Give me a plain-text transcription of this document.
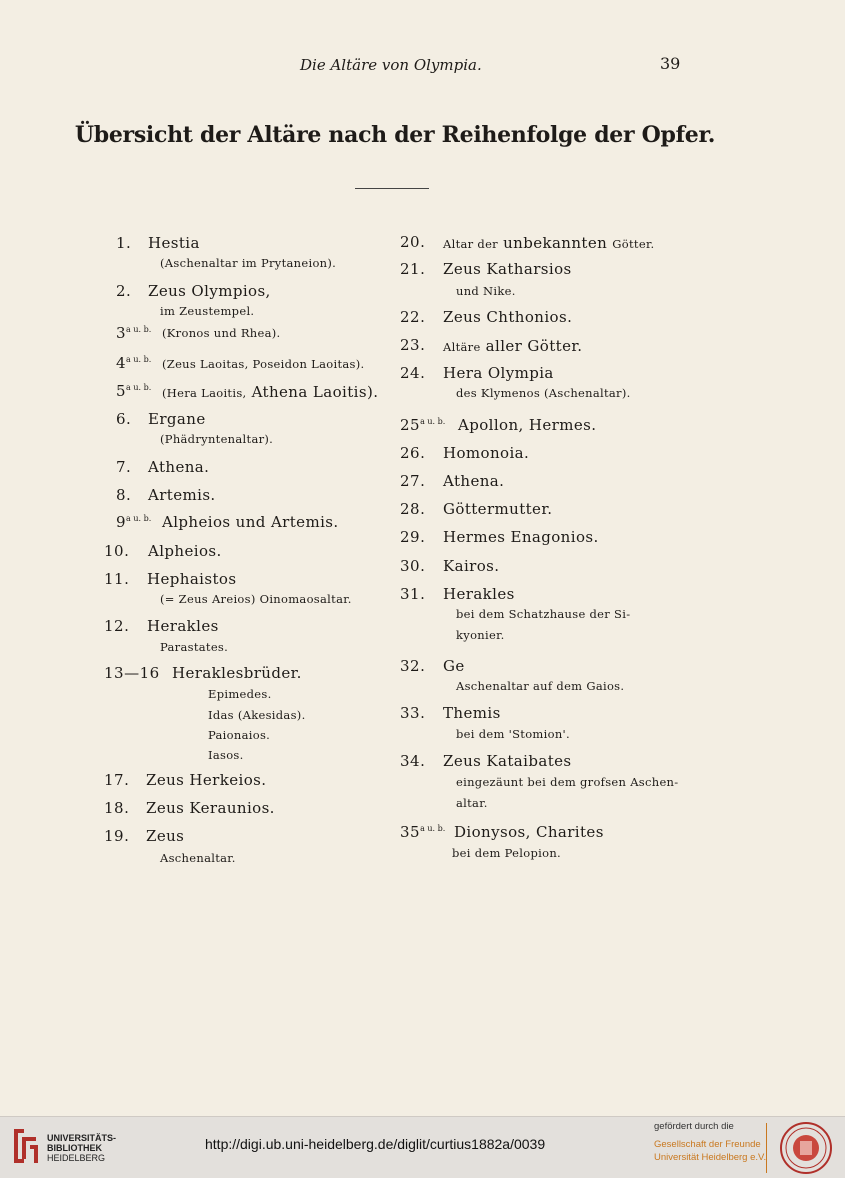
Die Altäre von Olympia.	39
Übersicht der Altäre nach der Reihenfolge der Opfer.
1. Hestia
(Aschenaltar im Prytaneion).
2. Zeus Olympios,
im Zeustempel.
$3^{a u. b.}$ (Kronos und Rhea).
$4^{a u. b.}$ (Zeus Laoitas, Poseidon Laoitas).
$5^{a u. b.}$ (Hera Laoitis, Athena Laoitis).
6. Ergane
(Phädryntenaltar).
7. Athena.
8. Artemis.
$9^{a u. b.}$ Alpheios und Artemis.
10. Alpheios.
11. Hephaistos
(= Zeus Areios) Oinomaosaltar.
12. Herakles
Parastates.
13—16 Heraklesbrüder.
Epimedes.
Idas (Akesidas).
Paionaios.
Iasos.
17. Zeus Herkeios.
18. Zeus Keraunios.
19. Zeus
Aschenaltar.
20. Altar der unbekannten Götter.
21. Zeus Katharsios
und Nike.
22. Zeus Chthonios.
23. Altäre aller Götter.
24. Hera Olympia
des Klymenos (Aschenaltar).
$25^{a u. b.}$ Apollon, Hermes.
26. Homonoia.
27. Athena.
28. Göttermutter.
29. Hermes Enagonios.
30. Kairos.
31. Herakles
bei dem Schatzhause der Si-
kyonier.
32. Ge
Aschenaltar auf dem Gaios.
33. Themis
bei dem 'Stomion'.
34. Zeus Kataibates
eingezäunt bei dem grofsen Aschen-
altar.
$35^{a u. b.}$ Dionysos, Charites
bei dem Pelopion.
UNIVERSITÄTS-
BIBLIOTHEK
HEIDELBERG
http://digi.ub.uni-heidelberg.de/diglit/curtius1882a/0039
gefördert durch die
Gesellschaft der Freunde
Universität Heidelberg e.V.
